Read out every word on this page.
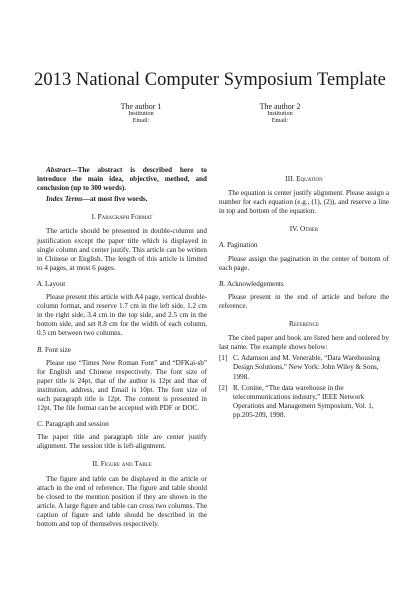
2013 National Computer Symposium Template
The author 1
Institution
Email:
The author 2
Institution
Email:

Abstract—The abstract is described here to introduce the main idea, objective, method, and conclusion (up to 300 words).

Index Terms—at most five words.

I. Paragraph Format

The article should be presented in double-column and justification except the paper title which is displayed in single column and center justify. This article can be written in Chinese or English. The length of this article is limited to 4 pages, at most 6 pages.

A. Layout

Please present this article with A4 page, vertical double-column format, and reserve 1.7 cm in the left side, 1.2 cm in the right side, 3.4 cm in the top side, and 2.5 cm in the bottom side, and set 8.8 cm for the width of each column, 0.5 cm between two columns.

B. Font size

Please use “Times New Roman Font” and “DFKai-sb” for English and Chinese respectively. The font size of paper title is 24pt, that of the author is 12pt and that of institution, address, and Email is 10pt. The font size of each paragraph title is 12pt. The content is presented in 12pt. The file format can be accepted with PDF or DOC.

C. Paragraph and session

The paper title and paragraph title are center justify alignment. The session title is left-alignment.

II. Figure and Table

The figure and table can be displayed in the article or attach in the end of reference. The figure and table should be closed to the mention position if they are shown in the article. A large figure and table can cross two columns. The caption of figure and table should be described in the bottom and top of themselves respectively.

III. Equation

The equation is center justify alignment. Please assign a number for each equation (e.g., (1), (2)), and reserve a line in top and bottom of the equation.

IV. Other
A. Pagination

Please assign the pagination in the center of bottom of each page.

B. Acknowledgements

Please present in the end of article and before the reference.

Reference

The cited paper and book are listed here and ordered by last name. The example shows below:

[1] C. Adamson and M. Venerable, “Data Warehousing Design Solutions,” New York: John Wiley & Sons, 1998.
[2] R. Conine, “The data warehouse in the telecommunications industry,” IEEE Network Operations and Management Symposium, Vol. 1, pp.205-209, 1998.
